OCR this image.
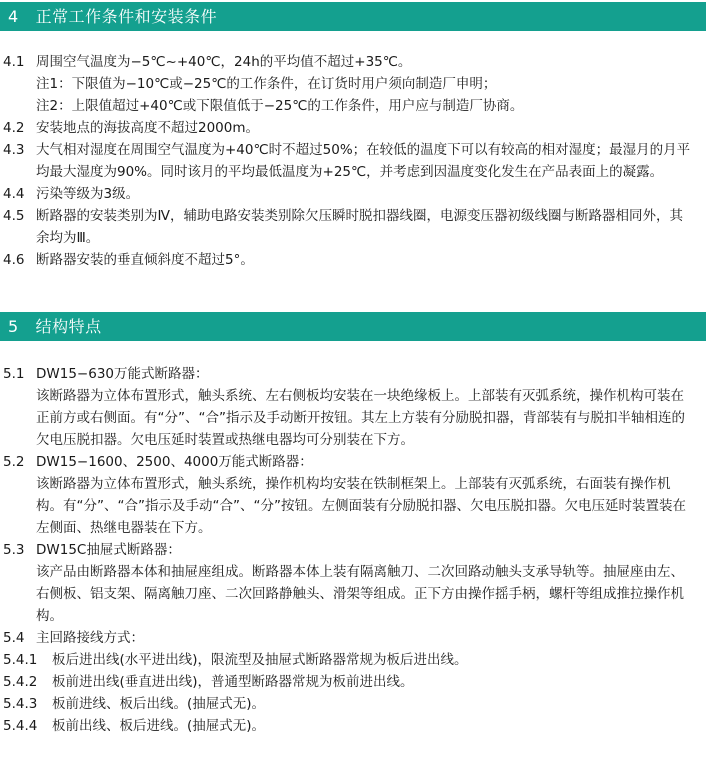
4 正常工作条件和安装条件
4.1 周围空气温度为−5℃~+40℃，24h的平均值不超过+35℃。
注1：下限值为−10℃或−25℃的工作条件，在订货时用户须向制造厂申明；
注2：上限值超过+40℃或下限值低于−25℃的工作条件，用户应与制造厂协商。
4.2 安装地点的海拔高度不超过2000m。
4.3 大气相对湿度在周围空气温度为+40℃时不超过50%；在较低的温度下可以有较高的相对湿度；最湿月的月平均最大湿度为90%。同时该月的平均最低温度为+25℃，并考虑到因温度变化发生在产品表面上的凝露。
4.4 污染等级为3级。
4.5 断路器的安装类别为Ⅳ，辅助电路安装类别除欠压瞬时脱扣器线圈，电源变压器初级线圈与断路器相同外，其余均为Ⅲ。
4.6 断路器安装的垂直倾斜度不超过5°。
5 结构特点
5.1 DW15−630万能式断路器：
该断路器为立体布置形式，触头系统、左右侧板均安装在一块绝缘板上。上部装有灭弧系统，操作机构可装在正前方或右侧面。有“分”、“合”指示及手动断开按钮。其左上方装有分励脱扣器，背部装有与脱扣半轴相连的欠电压脱扣器。欠电压延时装置或热继电器均可分别装在下方。
5.2 DW15−1600、2500、4000万能式断路器：
该断路器为立体布置形式，触头系统，操作机构均安装在铁制框架上。上部装有灭弧系统，右面装有操作机构。有“分”、“合”指示及手动“合”、“分”按钮。左侧面装有分励脱扣器、欠电压脱扣器。欠电压延时装置装在左侧面、热继电器装在下方。
5.3 DW15C抽屉式断路器：
该产品由断路器本体和抽屉座组成。断路器本体上装有隔离触刀、二次回路动触头支承导轨等。抽屉座由左、右侧板、铝支架、隔离触刀座、二次回路静触头、滑架等组成。正下方由操作摇手柄，螺杆等组成推拉操作机构。
5.4 主回路接线方式：
5.4.1 板后进出线(水平进出线)，限流型及抽屉式断路器常规为板后进出线。
5.4.2 板前进出线(垂直进出线)，普通型断路器常规为板前进出线。
5.4.3 板前进线、板后出线。(抽屉式无)。
5.4.4 板前出线、板后进线。(抽屉式无)。
